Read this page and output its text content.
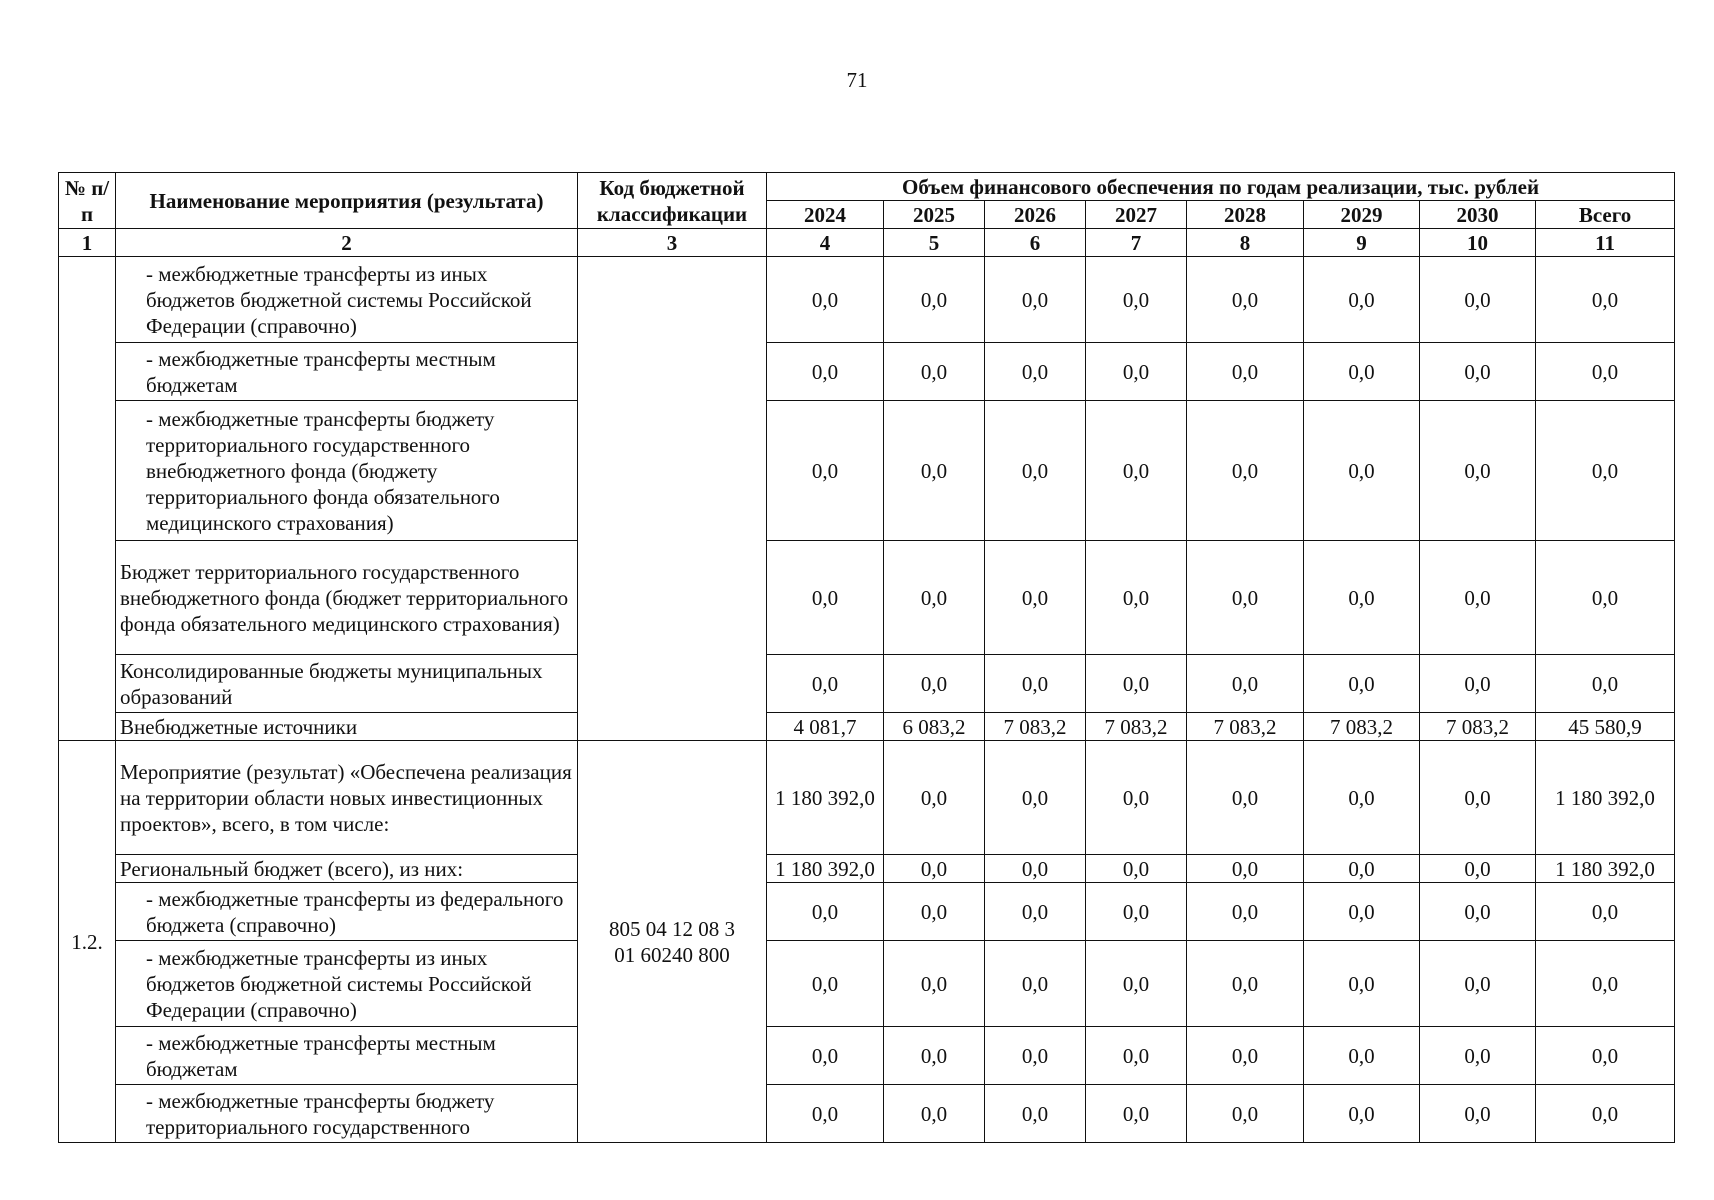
71
№ п/п	Наименование мероприятия (результата)	Код бюджетной классификации	Объем финансового обеспечения по годам реализации, тыс. рублей							
			2024	2025	2026	2027	2028	2029	2030	Всего
1	2	3	4	5	6	7	8	9	10	11
	- межбюджетные трансферты из иных бюджетов бюджетной системы Российской Федерации (справочно)		0,0	0,0	0,0	0,0	0,0	0,0	0,0	0,0
	- межбюджетные трансферты местным бюджетам		0,0	0,0	0,0	0,0	0,0	0,0	0,0	0,0
	- межбюджетные трансферты бюджету территориального государственного внебюджетного фонда (бюджету территориального фонда обязательного медицинского страхования)		0,0	0,0	0,0	0,0	0,0	0,0	0,0	0,0
	Бюджет территориального государственного внебюджетного фонда (бюджет территориального фонда обязательного медицинского страхования)		0,0	0,0	0,0	0,0	0,0	0,0	0,0	0,0
	Консолидированные бюджеты муниципальных образований		0,0	0,0	0,0	0,0	0,0	0,0	0,0	0,0
	Внебюджетные источники		4 081,7	6 083,2	7 083,2	7 083,2	7 083,2	7 083,2	7 083,2	45 580,9
1.2.	Мероприятие (результат) «Обеспечена реализация на территории области новых инвестиционных проектов», всего, в том числе:	805 04 12 08 3 01 60240 800	1 180 392,0	0,0	0,0	0,0	0,0	0,0	0,0	1 180 392,0
	Региональный бюджет (всего), из них:		1 180 392,0	0,0	0,0	0,0	0,0	0,0	0,0	1 180 392,0
	- межбюджетные трансферты из федерального бюджета (справочно)		0,0	0,0	0,0	0,0	0,0	0,0	0,0	0,0
	- межбюджетные трансферты из иных бюджетов бюджетной системы Российской Федерации (справочно)		0,0	0,0	0,0	0,0	0,0	0,0	0,0	0,0
	- межбюджетные трансферты местным бюджетам		0,0	0,0	0,0	0,0	0,0	0,0	0,0	0,0
	- межбюджетные трансферты бюджету территориального государственного		0,0	0,0	0,0	0,0	0,0	0,0	0,0	0,0
